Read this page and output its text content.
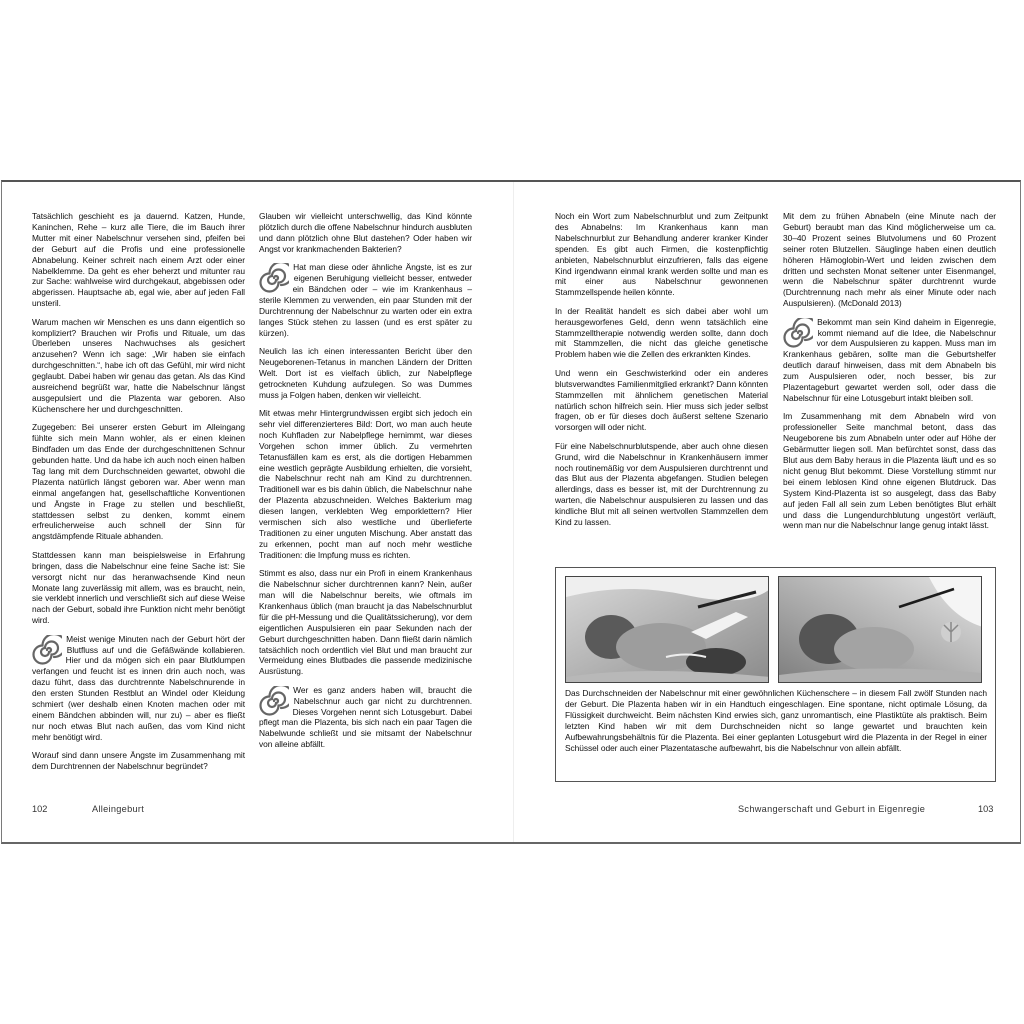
Tatsächlich geschieht es ja dauernd. Katzen, Hunde, Kaninchen, Rehe – kurz alle Tiere, die im Bauch ihrer Mutter mit einer Nabelschnur versehen sind, pfeifen bei der Geburt auf die Profis und eine professionelle Abnabelung. Keiner schreit nach einem Arzt oder einer Nabelklemme. Da geht es eher beherzt und mitunter rau zur Sache: wahlweise wird durchgekaut, abgebissen oder abgerissen. Hauptsache ab, egal wie, aber auf jeden Fall unsteril.

Warum machen wir Menschen es uns dann eigentlich so kompliziert? Brauchen wir Profis und Rituale, um das Überleben unseres Nachwuchses als gesichert anzusehen? Wenn ich sage: „Wir haben sie einfach durchgeschnitten.“, habe ich oft das Gefühl, mir wird nicht geglaubt. Dabei haben wir genau das getan. Als das Kind ausreichend begrüßt war, hatte die Nabelschnur längst ausgepulsiert und die Plazenta war geboren. Also Küchenschere her und durchgeschnitten.

Zugegeben: Bei unserer ersten Geburt im Alleingang fühlte sich mein Mann wohler, als er einen kleinen Bindfaden um das Ende der durchgeschnittenen Schnur gebunden hatte. Und da habe ich auch noch einen halben Tag lang mit dem Durchschneiden gewartet, obwohl die Plazenta natürlich längst geboren war. Aber wenn man einmal angefangen hat, gesellschaftliche Konventionen und Ängste in Frage zu stellen und beschließt, stattdessen selbst zu denken, kommt einem erfreulicherweise auch schnell der Sinn für angstdämpfende Rituale abhanden.

Stattdessen kann man beispielsweise in Erfahrung bringen, dass die Nabelschnur eine feine Sache ist: Sie versorgt nicht nur das heranwachsende Kind neun Monate lang zuverlässig mit allem, was es braucht, nein, sie verklebt innerlich und verschließt sich auf diese Weise nach der Geburt, sobald ihre Funktion nicht mehr benötigt wird.

Meist wenige Minuten nach der Geburt hört der Blutfluss auf und die Gefäßwände kollabieren. Hier und da mögen sich ein paar Blutklumpen verfangen und feucht ist es innen drin auch noch, was dazu führt, dass das durchtrennte Nabelschnurende in den ersten Stunden Restblut an Windel oder Kleidung schmiert (wer deshalb einen Knoten machen oder mit einem Bändchen abbinden will, nur zu) – aber es fließt nur noch etwas Blut nach außen, das vom Kind nicht mehr benötigt wird.

Worauf sind dann unsere Ängste im Zusammenhang mit dem Durchtrennen der Nabelschnur begründet?

Glauben wir vielleicht unterschwellig, das Kind könnte plötzlich durch die offene Nabelschnur hindurch ausbluten und dann plötzlich ohne Blut dastehen? Oder haben wir Angst vor krankmachenden Bakterien?

Hat man diese oder ähnliche Ängste, ist es zur eigenen Beruhigung vielleicht besser, entweder ein Bändchen oder – wie im Krankenhaus – sterile Klemmen zu verwenden, ein paar Stunden mit der Durchtrennung der Nabelschnur zu warten oder ein extra langes Stück stehen zu lassen (und es erst später zu kürzen).

Neulich las ich einen interessanten Bericht über den Neugeborenen-Tetanus in manchen Ländern der Dritten Welt. Dort ist es vielfach üblich, zur Nabelpflege getrockneten Kuhdung aufzulegen. So was Dummes muss ja Folgen haben, denken wir vielleicht.

Mit etwas mehr Hintergrundwissen ergibt sich jedoch ein sehr viel differenzierteres Bild: Dort, wo man auch heute noch Kuhfladen zur Nabelpflege hernimmt, war dieses Vorgehen schon immer üblich. Zu vermehrten Tetanusfällen kam es erst, als die dortigen Hebammen eine westlich geprägte Ausbildung erhielten, die vorsieht, die Nabelschnur recht nah am Kind zu durchtrennen. Traditionell war es bis dahin üblich, die Nabelschnur nahe der Plazenta abzuschneiden. Welches Bakterium mag diesen langen, verklebten Weg emporklettern? Hier vermischen sich also westliche und überlieferte Traditionen zu einer unguten Mischung. Aber anstatt das zu erkennen, pocht man auf noch mehr westliche Traditionen: die Impfung muss es richten.

Stimmt es also, dass nur ein Profi in einem Krankenhaus die Nabelschnur sicher durchtrennen kann? Nein, außer man will die Nabelschnur bereits, wie oftmals im Krankenhaus üblich (man braucht ja das Nabelschnurblut für die pH-Messung und die Qualitätssicherung), vor dem eigentlichen Auspulsieren ein paar Sekunden nach der Geburt durchgeschnitten haben. Dann fließt darin nämlich tatsächlich noch ordentlich viel Blut und man braucht zur Vermeidung eines Blutbades die passende medizinische Ausrüstung.

Wer es ganz anders haben will, braucht die Nabelschnur auch gar nicht zu durchtrennen. Dieses Vorgehen nennt sich Lotusgeburt. Dabei pflegt man die Plazenta, bis sich nach ein paar Tagen die Nabelwunde schließt und sie mitsamt der Nabelschnur von alleine abfällt.

Noch ein Wort zum Nabelschnurblut und zum Zeitpunkt des Abnabelns: Im Krankenhaus kann man Nabelschnurblut zur Behandlung anderer kranker Kinder spenden. Es gibt auch Firmen, die kostenpflichtig anbieten, Nabelschnurblut einzufrieren, falls das eigene Kind irgendwann einmal krank werden sollte und man es mit einer aus Nabelschnur gewonnenen Stammzellspende heilen könnte.

In der Realität handelt es sich dabei aber wohl um herausgeworfenes Geld, denn wenn tatsächlich eine Stammzelltherapie notwendig werden sollte, dann doch mit Stammzellen, die nicht das gleiche genetische Problem haben wie die Zellen des erkrankten Kindes.

Und wenn ein Geschwisterkind oder ein anderes blutsverwandtes Familienmitglied erkrankt? Dann könnten Stammzellen mit ähnlichem genetischen Material natürlich schon hilfreich sein. Hier muss sich jeder selbst fragen, ob er für dieses doch äußerst seltene Szenario vorsorgen will oder nicht.

Für eine Nabelschnurblutspende, aber auch ohne diesen Grund, wird die Nabelschnur in Krankenhäusern immer noch routinemäßig vor dem Auspulsieren durchtrennt und das Blut aus der Plazenta abgefangen. Studien belegen allerdings, dass es besser ist, mit der Durchtrennung zu warten, die Nabelschnur auspulsieren zu lassen und das kindliche Blut mit all seinen wertvollen Stammzellen dem Kind zu lassen.

Mit dem zu frühen Abnabeln (eine Minute nach der Geburt) beraubt man das Kind möglicherweise um ca. 30–40 Prozent seines Blutvolumens und 60 Prozent seiner roten Blutzellen. Säuglinge haben einen deutlich höheren Hämoglobin-Wert und leiden zwischen dem dritten und sechsten Monat seltener unter Eisenmangel, wenn die Nabelschnur später durchtrennt wurde (Durchtrennung nach mehr als einer Minute oder nach Auspulsieren). (McDonald 2013)

Bekommt man sein Kind daheim in Eigenregie, kommt niemand auf die Idee, die Nabelschnur vor dem Auspulsieren zu kappen. Muss man im Krankenhaus gebären, sollte man die Geburtshelfer deutlich darauf hinweisen, dass mit dem Abnabeln bis zum Auspulsieren oder, noch besser, bis zur Plazentageburt gewartet werden soll, oder dass die Nabelschnur für eine Lotusgeburt intakt bleiben soll.

Im Zusammenhang mit dem Abnabeln wird von professioneller Seite manchmal betont, dass das Neugeborene bis zum Abnabeln unter oder auf Höhe der Gebärmutter liegen soll. Man befürchtet sonst, dass das Blut aus dem Baby heraus in die Plazenta läuft und es so nicht genug Blut bekommt. Diese Vorstellung stimmt nur bei einem leblosen Kind ohne eigenen Blutdruck. Das System Kind-Plazenta ist so ausgelegt, dass das Baby auf jeden Fall all sein zum Leben benötigtes Blut erhält und dass die Lungendurchblutung ungestört verläuft, wenn man nur die Nabelschnur lange genug intakt lässt.

Das Durchschneiden der Nabelschnur mit einer gewöhnlichen Küchenschere – in diesem Fall zwölf Stunden nach der Geburt. Die Plazenta haben wir in ein Handtuch eingeschlagen. Eine spontane, nicht optimale Lösung, da Flüssigkeit durchweicht. Beim nächsten Kind erwies sich, ganz unromantisch, eine Plastiktüte als praktisch. Beim letzten Kind haben wir mit dem Durchschneiden nicht so lange gewartet und brauchten kein Aufbewahrungsbehältnis für die Plazenta. Bei einer geplanten Lotusgeburt wird die Plazenta in der Regel in einer Schüssel oder auch einer Plazentatasche aufbewahrt, bis die Nabelschnur von allein abfällt.
102	Alleingeburt	Schwangerschaft und Geburt in Eigenregie	103
